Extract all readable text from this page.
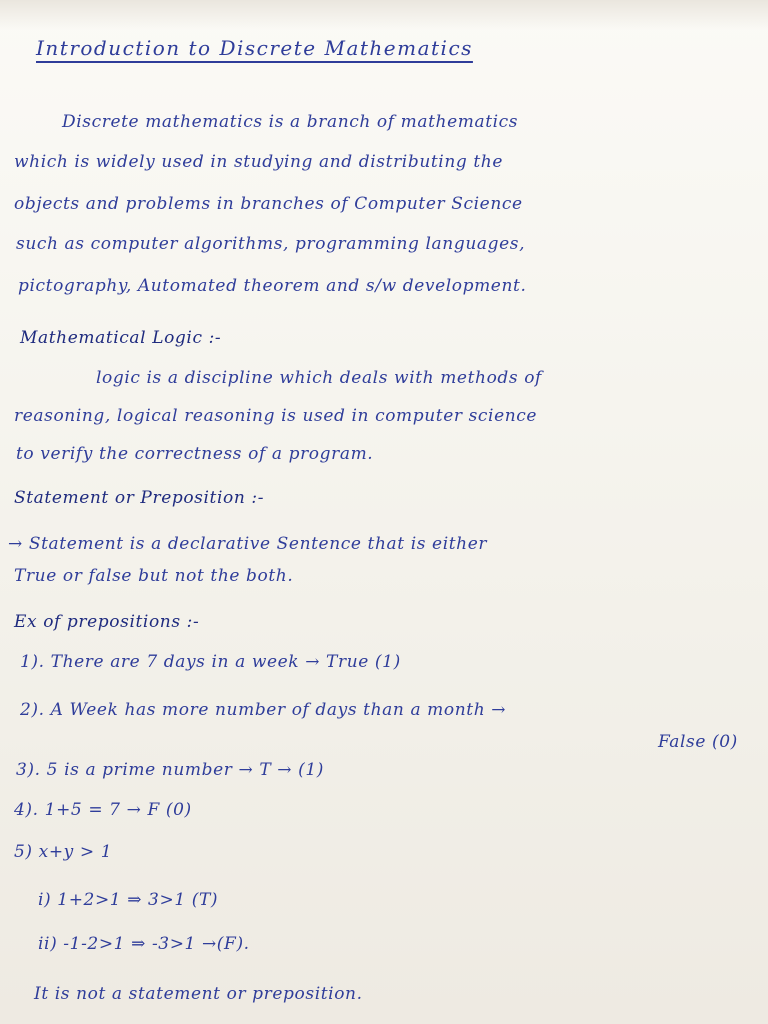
Introduction to Discrete Mathematics
Discrete mathematics is a branch of mathematics
which is widely used in studying and distributing the
objects and problems in branches of Computer Science
such as computer algorithms, programming languages,
pictography, Automated theorem and s/w development.
Mathematical Logic :-
logic is a discipline which deals with methods of
reasoning, logical reasoning is used in computer science
to verify the correctness of a program.
Statement or Preposition :-
→ Statement is a declarative Sentence that is either
True or false but not the both.
Ex of prepositions :-
1). There are 7 days in a week → True (1)
2). A Week has more number of days than a month →
False (0)
3). 5 is a prime number → T → (1)
4). 1+5 = 7 → F (0)
5) x+y > 1
i) 1+2>1 ⇒ 3>1 (T)
ii) -1-2>1 ⇒ -3>1 →(F).
It is not a statement or preposition.
